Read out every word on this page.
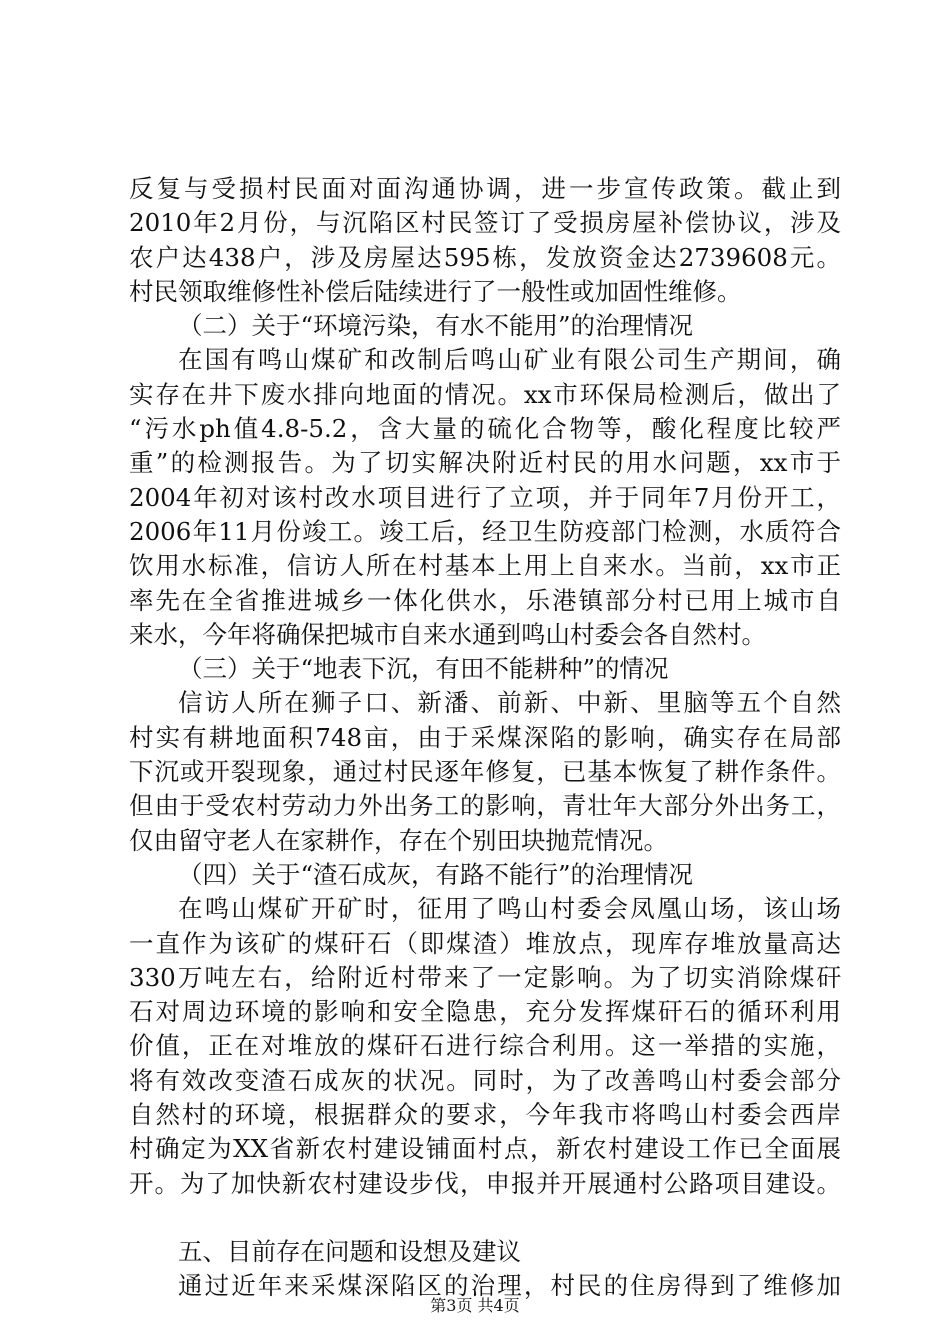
反复与受损村民面对面沟通协调，进一步宣传政策。截止到

2010年2月份，与沉陷区村民签订了受损房屋补偿协议，涉及

农户达438户，涉及房屋达595栋，发放资金达2739608元。

村民领取维修性补偿后陆续进行了一般性或加固性维修。

（二）关于“环境污染，有水不能用”的治理情况

在国有鸣山煤矿和改制后鸣山矿业有限公司生产期间，确

实存在井下废水排向地面的情况。xx市环保局检测后，做出了

“污水ph值4.8-5.2，含大量的硫化合物等，酸化程度比较严

重”的检测报告。为了切实解决附近村民的用水问题，xx市于

2004年初对该村改水项目进行了立项，并于同年7月份开工，

2006年11月份竣工。竣工后，经卫生防疫部门检测，水质符合

饮用水标准，信访人所在村基本上用上自来水。当前，xx市正

率先在全省推进城乡一体化供水，乐港镇部分村已用上城市自

来水，今年将确保把城市自来水通到鸣山村委会各自然村。

（三）关于“地表下沉，有田不能耕种”的情况

信访人所在狮子口、新潘、前新、中新、里脑等五个自然

村实有耕地面积748亩，由于采煤深陷的影响，确实存在局部

下沉或开裂现象，通过村民逐年修复，已基本恢复了耕作条件。

但由于受农村劳动力外出务工的影响，青壮年大部分外出务工，

仅由留守老人在家耕作，存在个别田块抛荒情况。

（四）关于“渣石成灰，有路不能行”的治理情况

在鸣山煤矿开矿时，征用了鸣山村委会凤凰山场，该山场

一直作为该矿的煤矸石（即煤渣）堆放点，现库存堆放量高达

330万吨左右，给附近村带来了一定影响。为了切实消除煤矸

石对周边环境的影响和安全隐患，充分发挥煤矸石的循环利用

价值，正在对堆放的煤矸石进行综合利用。这一举措的实施，

将有效改变渣石成灰的状况。同时，为了改善鸣山村委会部分

自然村的环境，根据群众的要求，今年我市将鸣山村委会西岸

村确定为XX省新农村建设铺面村点，新农村建设工作已全面展

开。为了加快新农村建设步伐，申报并开展通村公路项目建设。

五、目前存在问题和设想及建议

通过近年来采煤深陷区的治理，村民的住房得到了维修加

第3页 共4页
